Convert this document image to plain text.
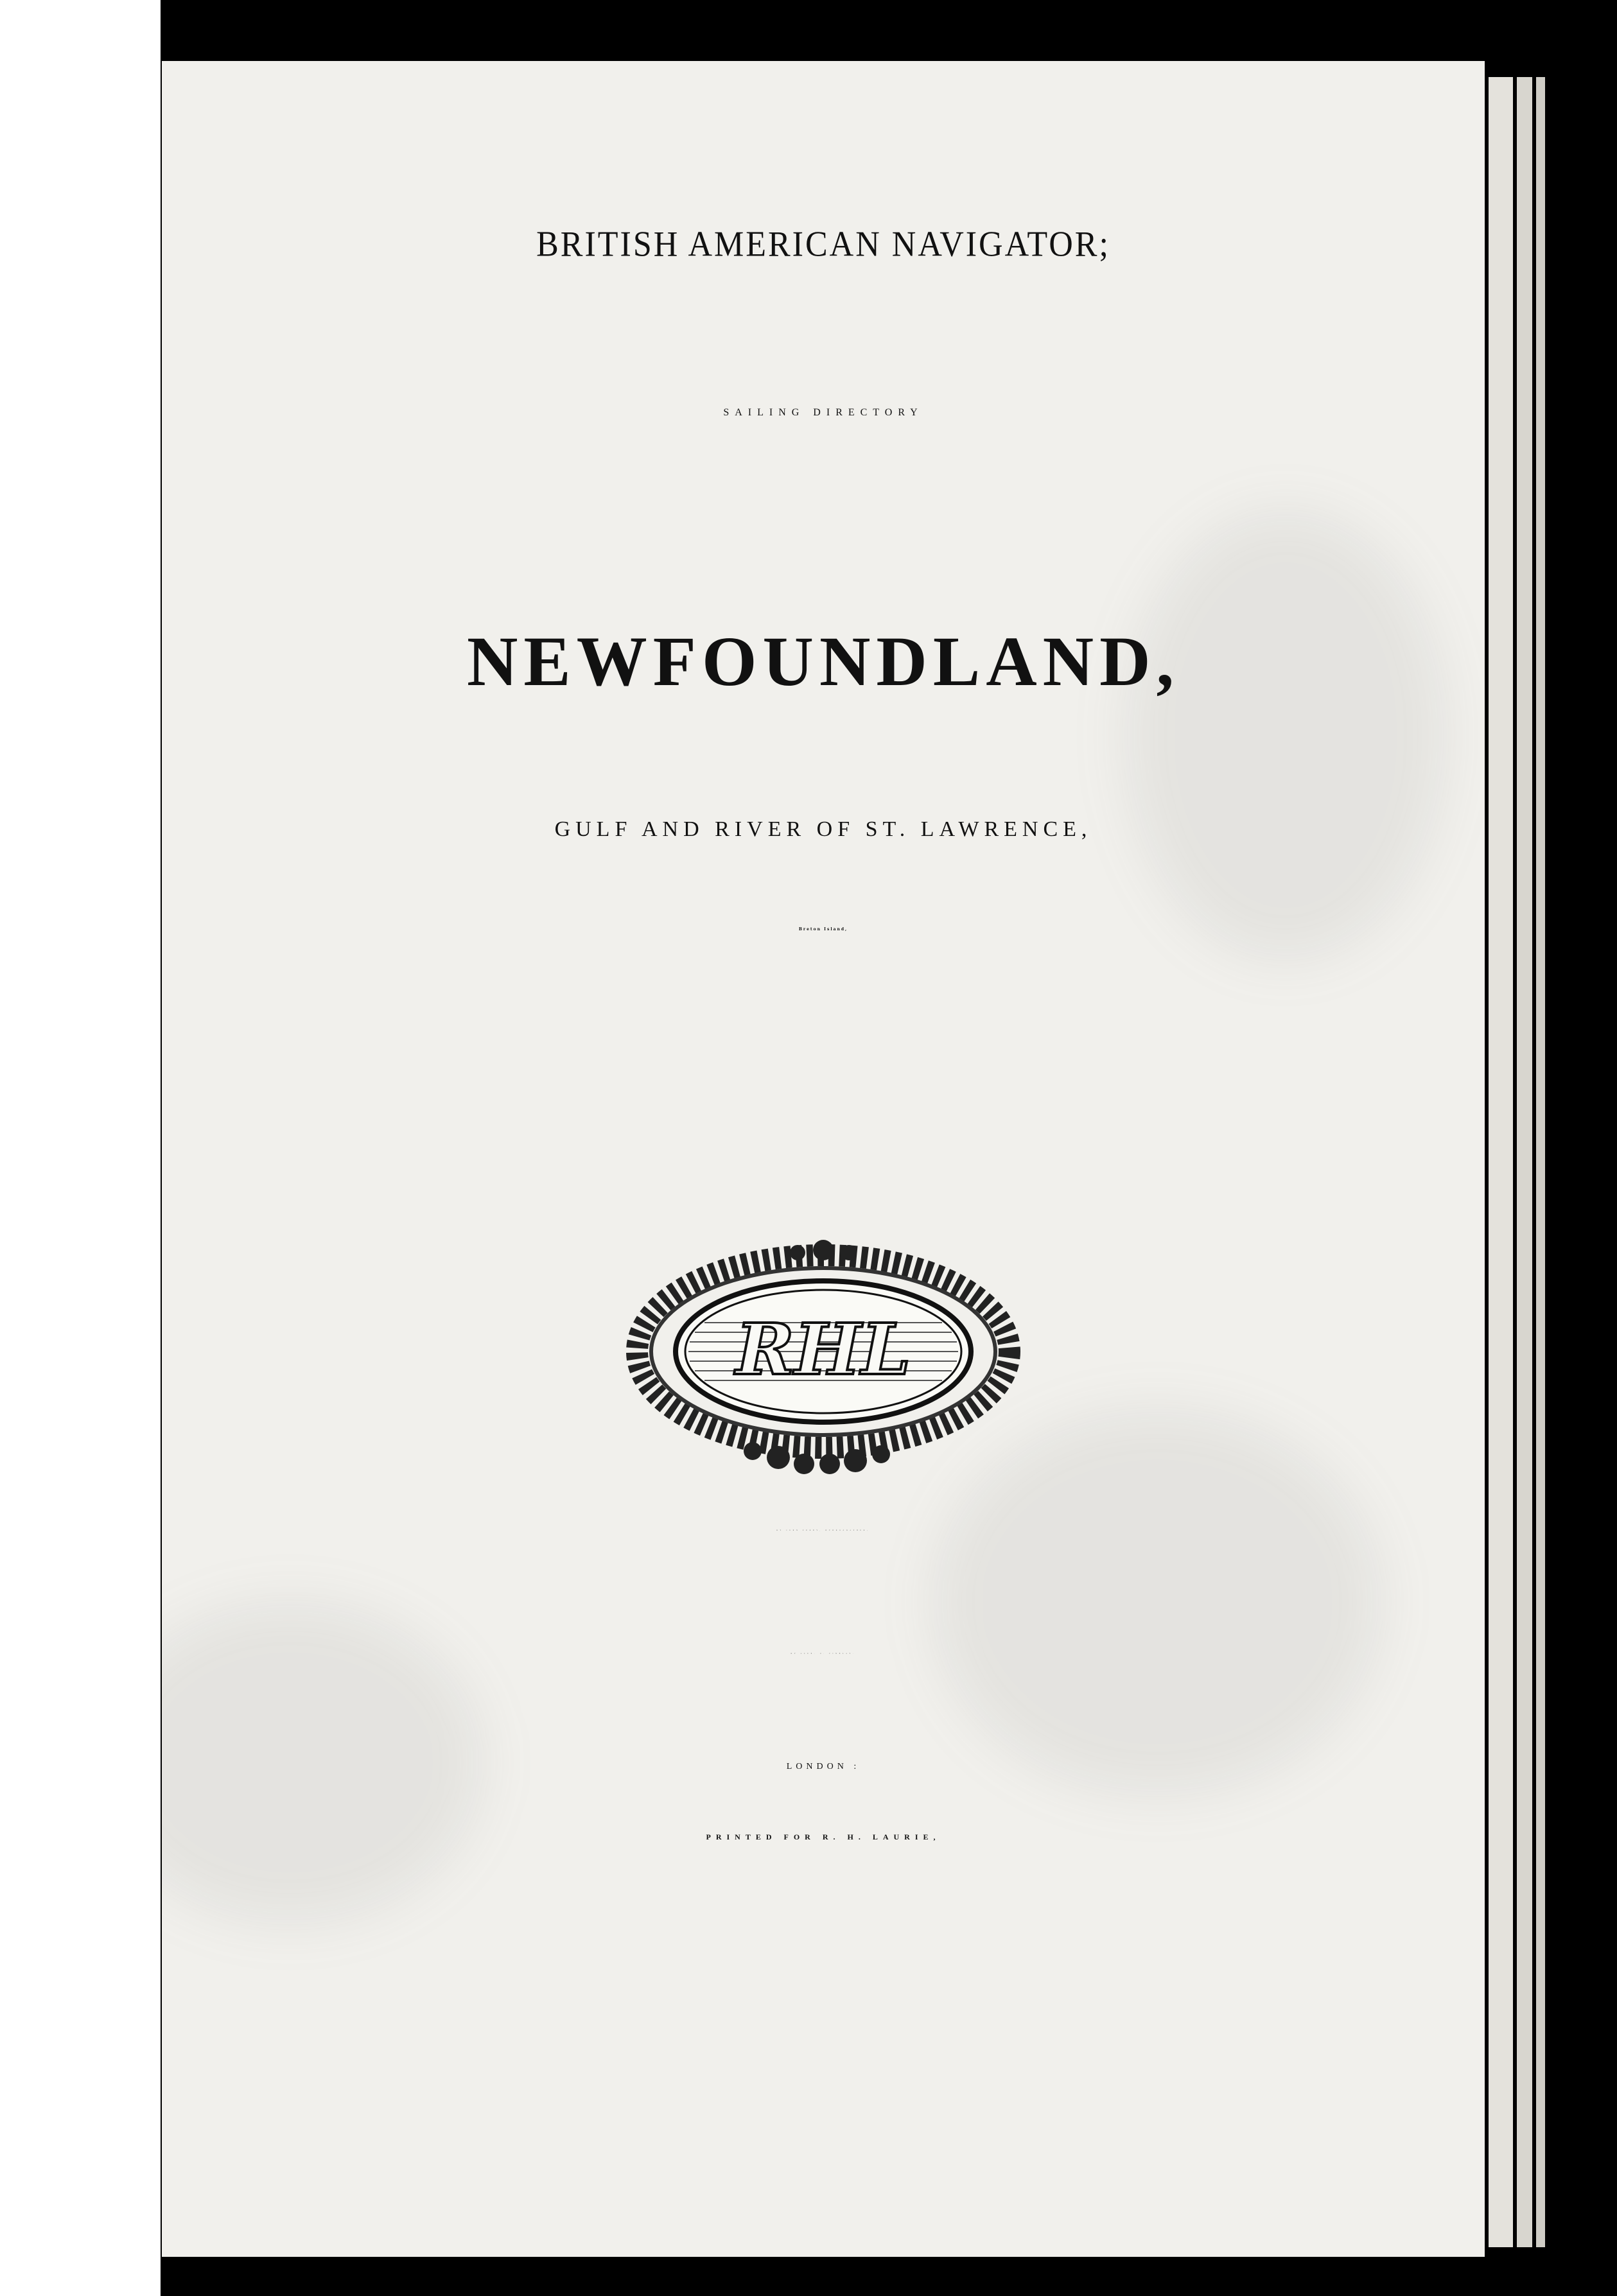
BRITISH AMERICAN NAVIGATOR;
SAILING DIRECTORY
NEWFOUNDLAND,
GULF AND RIVER OF ST. LAWRENCE,
Breton Island,
RHL
BY JOHN PURDY, HYDROGRAPHER;
BY ALEX. G. FINDLAY.
LONDON :
PRINTED FOR R. H. LAURIE,
